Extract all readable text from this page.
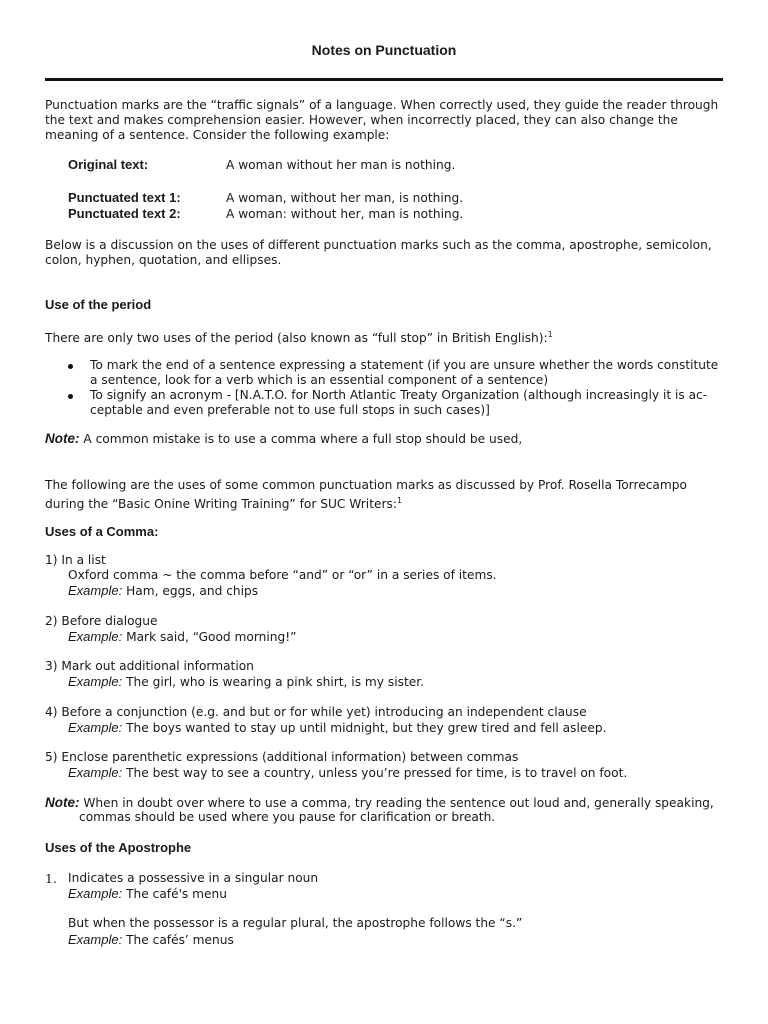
Notes on Punctuation
Punctuation marks are the “traffic signals” of a language. When correctly used, they guide the reader through
the text and makes comprehension easier. However, when incorrectly placed, they can also change the
meaning of a sentence. Consider the following example:
Original text:	A woman without her man is nothing.
Punctuated text 1:	A woman, without her man, is nothing.
Punctuated text 2:	A woman: without her, man is nothing.
Below is a discussion on the uses of different punctuation marks such as the comma, apostrophe, semicolon,
colon, hyphen, quotation, and ellipses.
Use of the period
There are only two uses of the period (also known as “full stop” in British English):$^1$
To mark the end of a sentence expressing a statement (if you are unsure whether the words constitute
a sentence, look for a verb which is an essential component of a sentence)
To signify an acronym - [N.A.T.O. for North Atlantic Treaty Organization (although increasingly it is ac-
ceptable and even preferable not to use full stops in such cases)]
Note: A common mistake is to use a comma where a full stop should be used,
The following are the uses of some common punctuation marks as discussed by Prof. Rosella Torrecampo
during the “Basic Onine Writing Training” for SUC Writers:$^1$
Uses of a Comma:
1) In a list
Oxford comma ~ the comma before “and” or “or” in a series of items.
Example: Ham, eggs, and chips
2) Before dialogue
Example: Mark said, “Good morning!”
3) Mark out additional information
Example: The girl, who is wearing a pink shirt, is my sister.
4) Before a conjunction (e.g. and but or for while yet) introducing an independent clause
Example: The boys wanted to stay up until midnight, but they grew tired and fell asleep.
5) Enclose parenthetic expressions (additional information) between commas
Example: The best way to see a country, unless you’re pressed for time, is to travel on foot.
Note: When in doubt over where to use a comma, try reading the sentence out loud and, generally speaking,
commas should be used where you pause for clarification or breath.
Uses of the Apostrophe
1. Indicates a possessive in a singular noun
Example: The café's menu
But when the possessor is a regular plural, the apostrophe follows the “s.”
Example: The cafés’ menus
